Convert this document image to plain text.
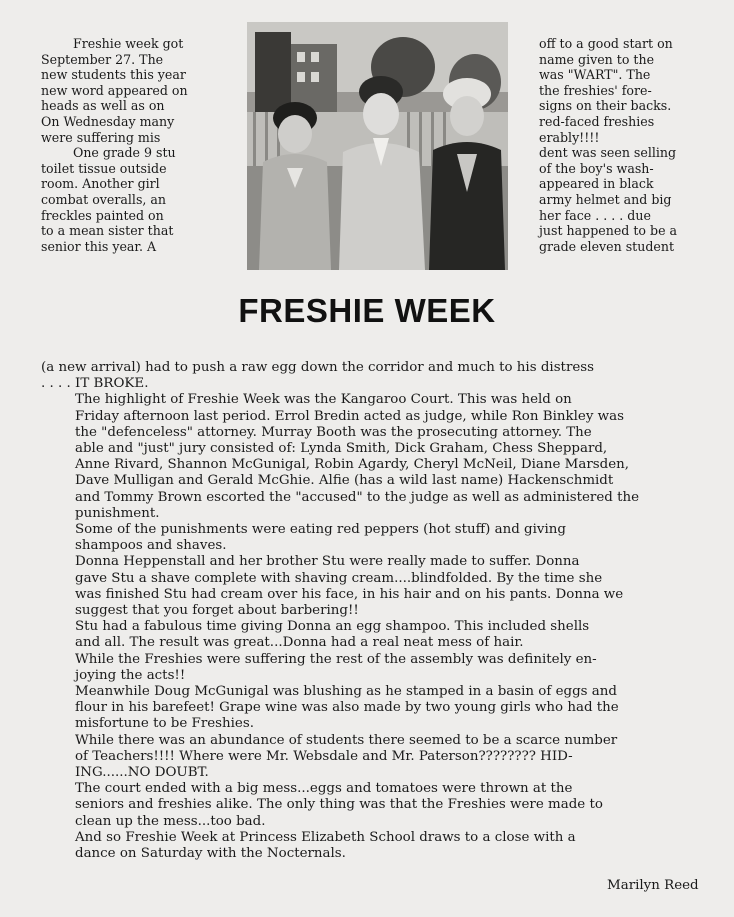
Freshie week got
September 27. The
new students this year
new word appeared on
heads as well as on
On Wednesday many
were suffering mis
One grade 9 stu
toilet tissue outside
room. Another girl
combat overalls, an
freckles painted on
to a mean sister that
senior this year. A
off to a good start on
name given to the
was "WART". The
the freshies' fore-
signs on their backs.
red-faced freshies
erably!!!!
dent was seen selling
of the boy's wash-
appeared in black
army helmet and big
her face . . . . due
just happened to be a
grade eleven student
FRESHIE WEEK

(a new arrival) had to push a raw egg down the corridor and much to his distress
. . . . IT BROKE.

The highlight of Freshie Week was the Kangaroo Court. This was held on
Friday afternoon last period. Errol Bredin acted as judge, while Ron Binkley was
the "defenceless" attorney. Murray Booth was the prosecuting attorney. The
able and "just" jury consisted of: Lynda Smith, Dick Graham, Chess Sheppard,
Anne Rivard, Shannon McGunigal, Robin Agardy, Cheryl McNeil, Diane Marsden,
Dave Mulligan and Gerald McGhie. Alfie (has a wild last name) Hackenschmidt
and Tommy Brown escorted the "accused" to the judge as well as administered the
punishment.

Some of the punishments were eating red peppers (hot stuff) and giving
shampoos and shaves.

Donna Heppenstall and her brother Stu were really made to suffer. Donna
gave Stu a shave complete with shaving cream....blindfolded. By the time she
was finished Stu had cream over his face, in his hair and on his pants. Donna we
suggest that you forget about barbering!!

Stu had a fabulous time giving Donna an egg shampoo. This included shells
and all. The result was great...Donna had a real neat mess of hair.

While the Freshies were suffering the rest of the assembly was definitely en-
joying the acts!!

Meanwhile Doug McGunigal was blushing as he stamped in a basin of eggs and
flour in his barefeet! Grape wine was also made by two young girls who had the
misfortune to be Freshies.

While there was an abundance of students there seemed to be a scarce number
of Teachers!!!! Where were Mr. Websdale and Mr. Paterson???????? HID-
ING......NO DOUBT.

The court ended with a big mess...eggs and tomatoes were thrown at the
seniors and freshies alike. The only thing was that the Freshies were made to
clean up the mess...too bad.

And so Freshie Week at Princess Elizabeth School draws to a close with a
dance on Saturday with the Nocternals.

Marilyn Reed
